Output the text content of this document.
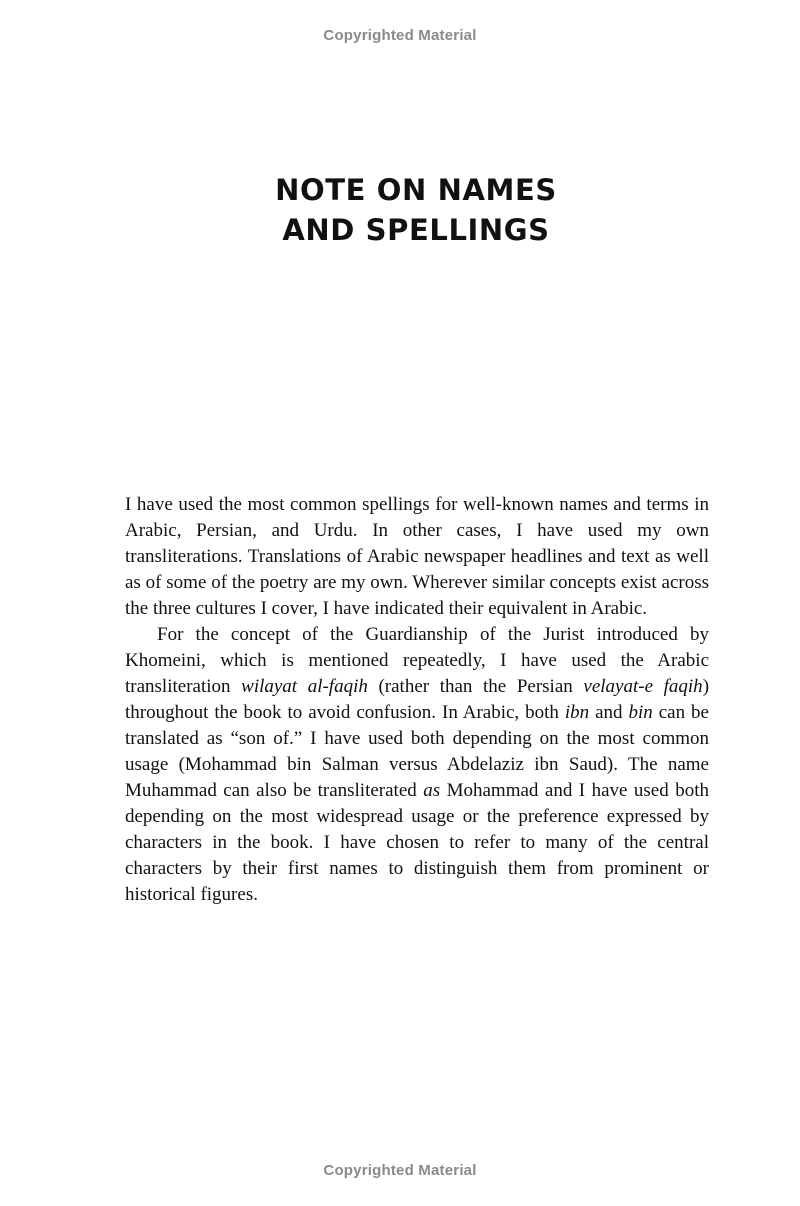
Copyrighted Material
NOTE ON NAMES
AND SPELLINGS

I have used the most common spellings for well-known names and terms in Arabic, Persian, and Urdu. In other cases, I have used my own transliterations. Translations of Arabic newspaper headlines and text as well as of some of the poetry are my own. Wherever similar concepts exist across the three cultures I cover, I have indicated their equivalent in Arabic.

For the concept of the Guardianship of the Jurist introduced by Khomeini, which is mentioned repeatedly, I have used the Arabic transliteration wilayat al-faqih (rather than the Persian velayat-e faqih) throughout the book to avoid confusion. In Arabic, both ibn and bin can be translated as “son of.” I have used both depending on the most common usage (Mohammad bin Salman versus Abdelaziz ibn Saud). The name Muhammad can also be transliterated as Mohammad and I have used both depending on the most widespread usage or the preference expressed by characters in the book. I have chosen to refer to many of the central characters by their first names to distinguish them from prominent or historical figures.

Copyrighted Material
